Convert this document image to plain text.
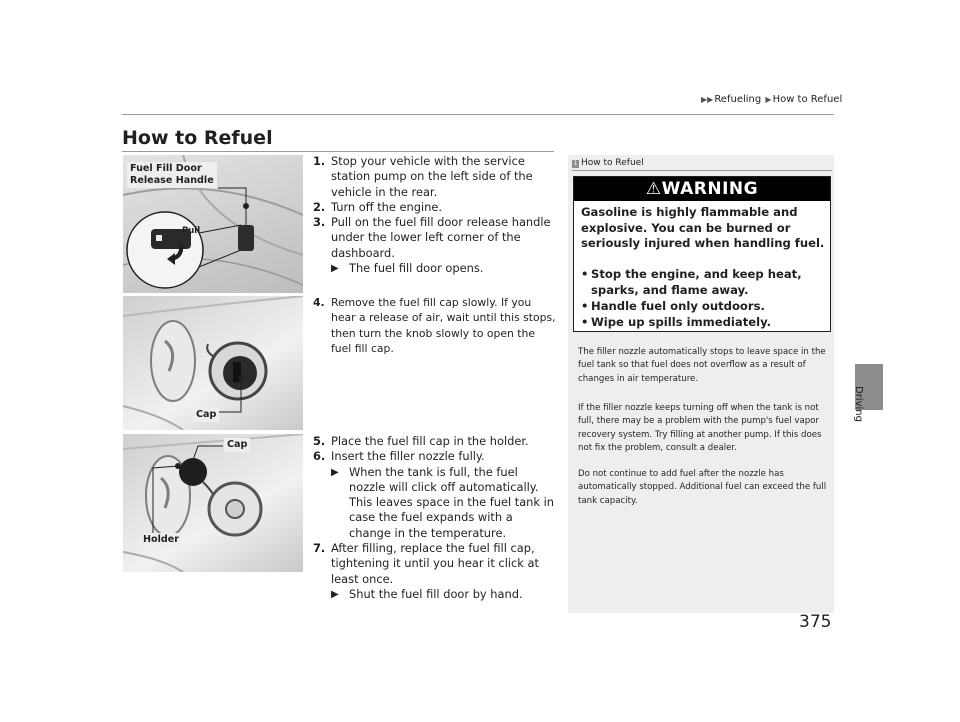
▶▶Refueling ▶How to Refuel
How to Refuel
Driving
Fuel Fill Door
Release Handle
Pull
Cap
Cap
Holder

1. Stop your vehicle with the service station pump on the left side of the vehicle in the rear.

2. Turn off the engine.

3. Pull on the fuel fill door release handle under the lower left corner of the dashboard.

▶ The fuel fill door opens.

4. Remove the fuel fill cap slowly. If you hear a release of air, wait until this stops, then turn the knob slowly to open the fuel fill cap.

5. Place the fuel fill cap in the holder.

6. Insert the filler nozzle fully.

▶ When the tank is full, the fuel nozzle will click off automatically. This leaves space in the fuel tank in case the fuel expands with a change in the temperature.

7. After filling, replace the fuel fill cap, tightening it until you hear it click at least once.

▶ Shut the fuel fill door by hand.
1 How to Refuel
⚠WARNING
Gasoline is highly flammable and explosive. You can be burned or seriously injured when handling fuel.
• Stop the engine, and keep heat, sparks, and flame away.
• Handle fuel only outdoors.
• Wipe up spills immediately.
The filler nozzle automatically stops to leave space in the fuel tank so that fuel does not overflow as a result of changes in air temperature.
If the filler nozzle keeps turning off when the tank is not full, there may be a problem with the pump's fuel vapor recovery system. Try filling at another pump. If this does not fix the problem, consult a dealer.
Do not continue to add fuel after the nozzle has automatically stopped. Additional fuel can exceed the full tank capacity.
375
